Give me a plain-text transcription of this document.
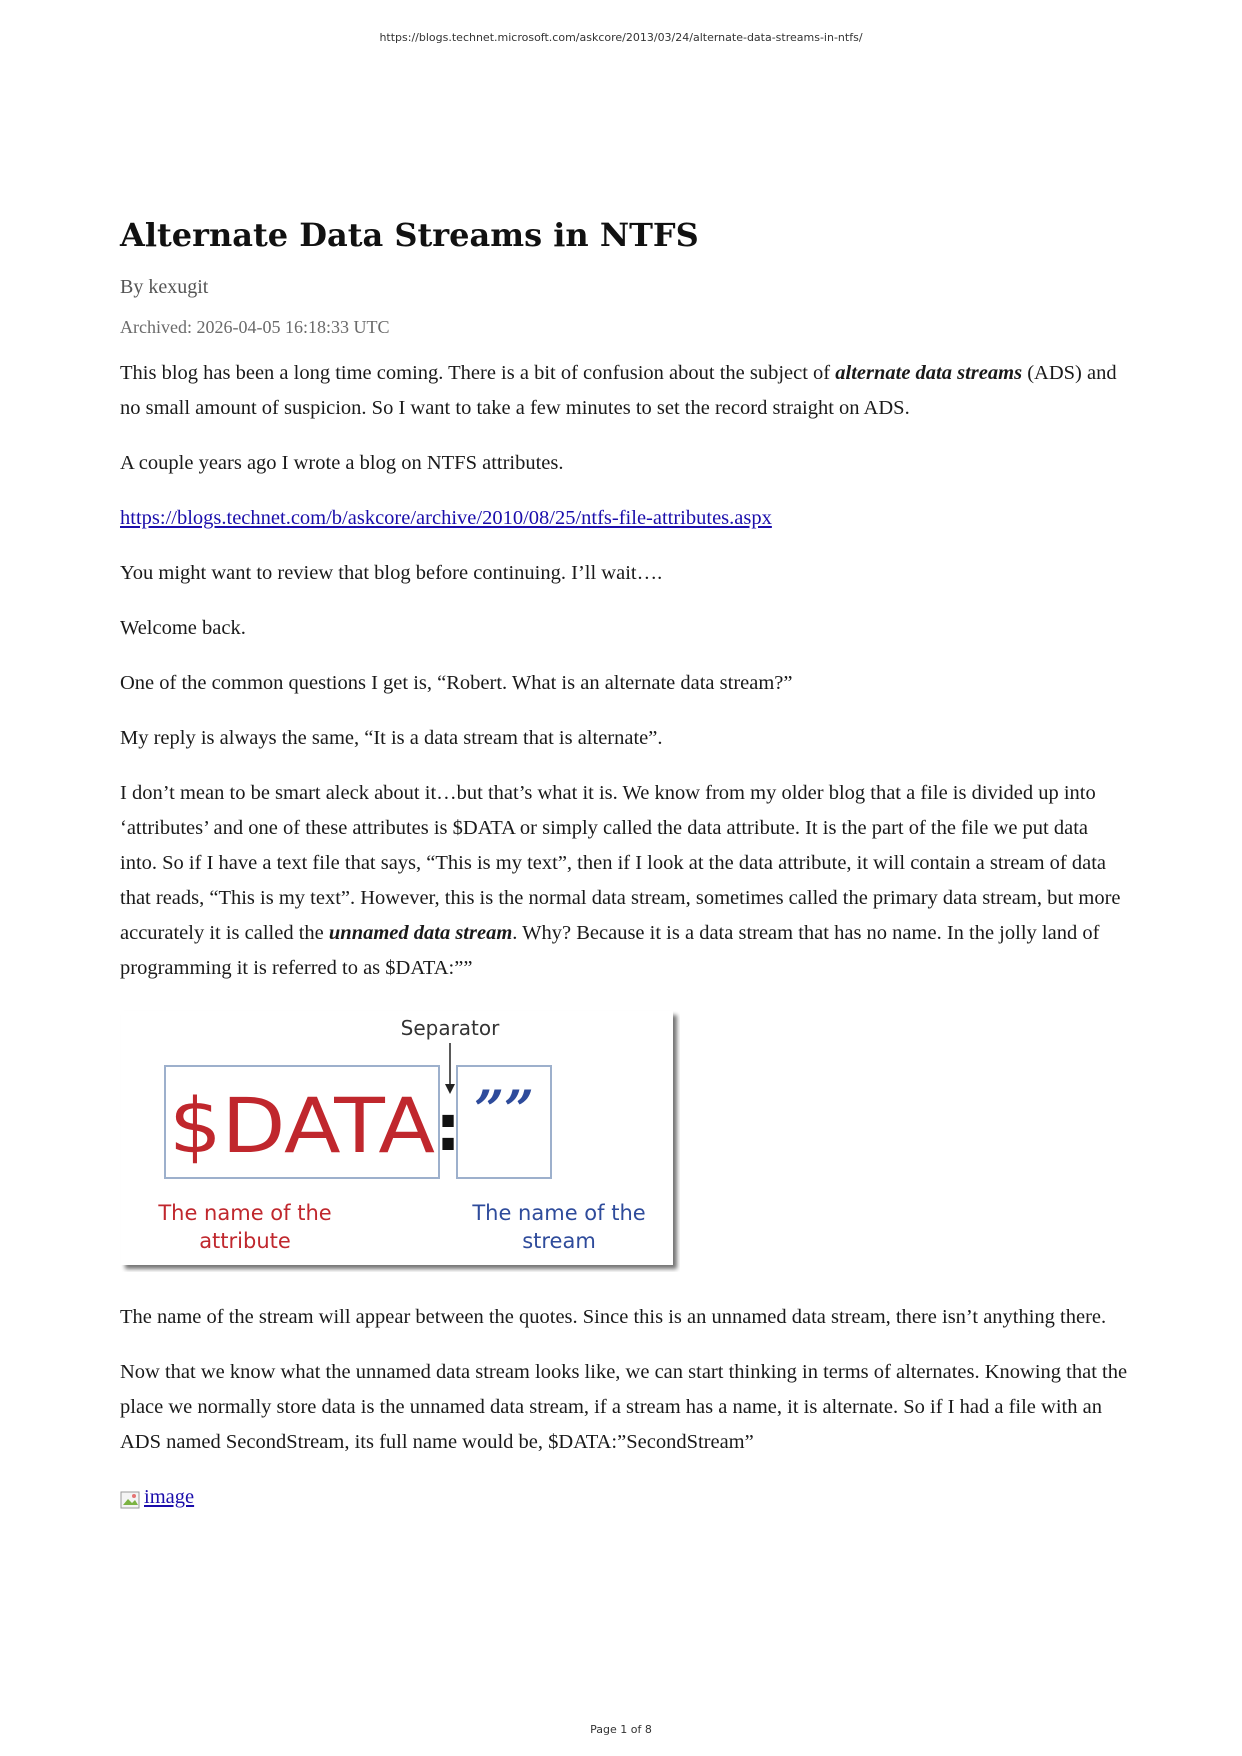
https://blogs.technet.microsoft.com/askcore/2013/03/24/alternate-data-streams-in-ntfs/
Alternate Data Streams in NTFS
By kexugit
Archived: 2026-04-05 16:18:33 UTC

This blog has been a long time coming. There is a bit of confusion about the subject of alternate data streams (ADS) and no small amount of suspicion. So I want to take a few minutes to set the record straight on ADS.

A couple years ago I wrote a blog on NTFS attributes.

https://blogs.technet.com/b/askcore/archive/2010/08/25/ntfs-file-attributes.aspx

You might want to review that blog before continuing. I’ll wait….

Welcome back.

One of the common questions I get is, “Robert. What is an alternate data stream?”

My reply is always the same, “It is a data stream that is alternate”.

I don’t mean to be smart aleck about it…but that’s what it is. We know from my older blog that a file is divided up into ‘attributes’ and one of these attributes is $DATA or simply called the data attribute. It is the part of the file we put data into. So if I have a text file that says, “This is my text”, then if I look at the data attribute, it will contain a stream of data that reads, “This is my text”. However, this is the normal data stream, sometimes called the primary data stream, but more accurately it is called the unnamed data stream. Why? Because it is a data stream that has no name. In the jolly land of programming it is referred to as $DATA:””

Separator
$DATA : ””
The name of the
attribute
The name of the
stream

The name of the stream will appear between the quotes. Since this is an unnamed data stream, there isn’t anything there.

Now that we know what the unnamed data stream looks like, we can start thinking in terms of alternates. Knowing that the place we normally store data is the unnamed data stream, if a stream has a name, it is alternate. So if I had a file with an ADS named SecondStream, its full name would be, $DATA:”SecondStream”

image

Page 1 of 8
